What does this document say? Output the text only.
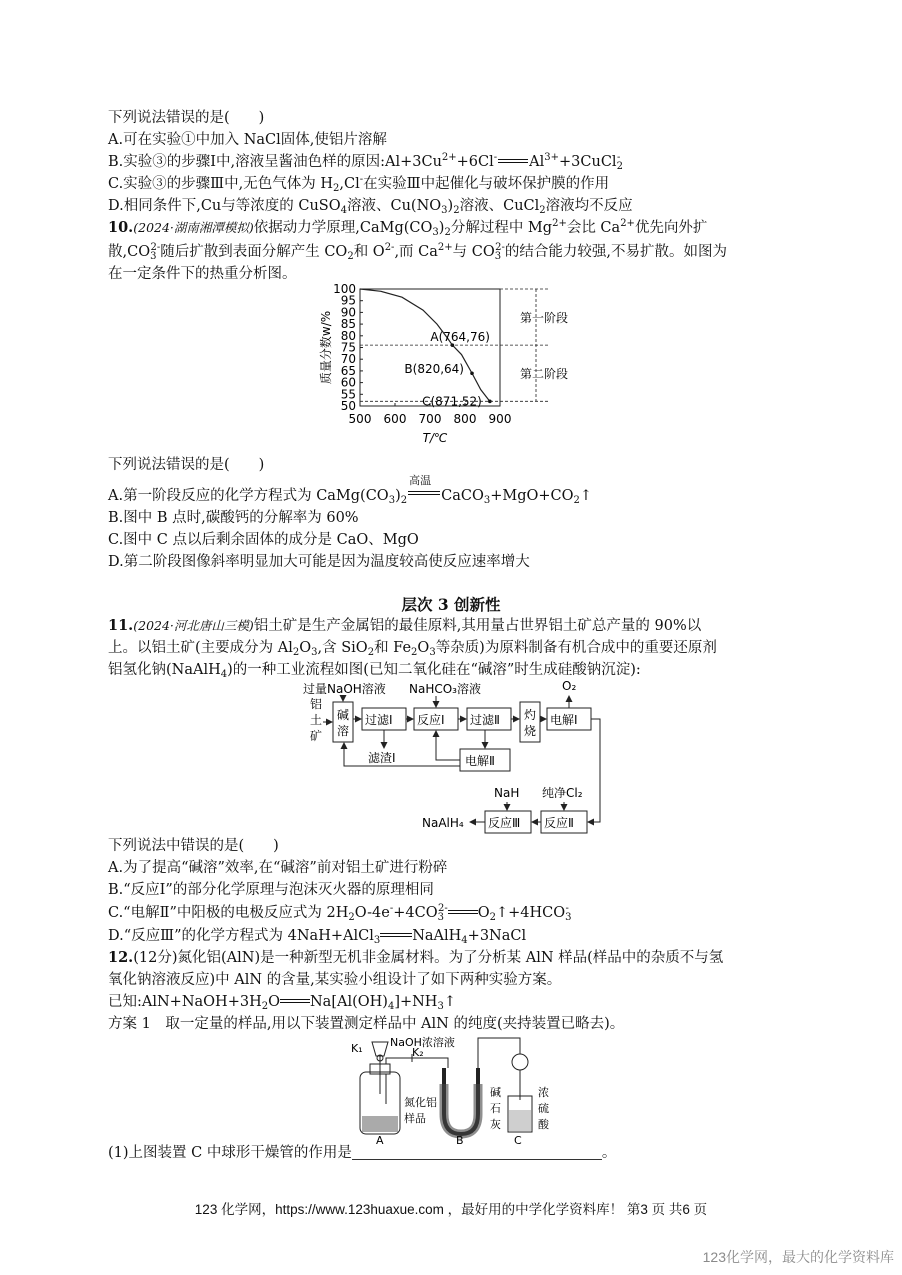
下列说法错误的是(　　)
A.可在实验①中加入 NaCl固体,使铝片溶解
B.实验③的步骤Ⅰ中,溶液呈酱油色样的原因$:Al+3Cu^{2+}+6Cl^-$ $Al^{3+}+3CuCl_2^-$
C.实验③的步骤Ⅲ中,无色气体为 $H_2,Cl^-$在实验Ⅲ中起催化与破坏保护膜的作用
D.相同条件下,Cu与等浓度的 CuSO$_4$溶液、$Cu(NO_3)_2$溶液、CuCl$_2$溶液均不反应
10.(2024·湖南湘潭模拟)依据动力学原理$,CaMg(CO_3)_2$分解过程中 $Mg^{2+}$会比 $Ca^{2+}$优先向外扩
散$,CO_3^{2-}$随后扩散到表面分解产生 $CO_2$和 $O^{2-}$,而 $Ca^{2+}$与 $CO_3^{2-}$的结合能力较强,不易扩散。如图为
在一定条件下的热重分析图。
50
55
60
65
70
75
80
85
90
95
100
500 600 700 800 900
T/℃
质量分数w/%	A(764,76)
B(820,64)
C(871,52)
第一阶段
第二阶段
下列说法错误的是(　　)
A.第一阶段反应的化学方程式为 $CaMg(CO_3)_2$
高温
$CaCO_3+MgO+CO_2↑$
B.图中 B 点时,碳酸钙的分解率为 60%
C.图中 C 点以后剩余固体的成分是 CaO、MgO
D.第二阶段图像斜率明显加大可能是因为温度较高使反应速率增大
层次 3 创新性
11.(2024·河北唐山三模)铝土矿是生产金属铝的最佳原料,其用量占世界铝土矿总产量的 90%以
上。以铝土矿(主要成分为 $Al_2O_3$,含 SiO$_2$和 $Fe_2O_3$等杂质)为原料制备有机合成中的重要还原剂
铝氢化钠(NaAlH$_4$)的一种工业流程如图(已知二氧化硅在“碱溶”时生成硅酸钠沉淀):
过量NaOH溶液 NaHCO₃溶液	O₂
铝
土
矿
碱
溶
过滤Ⅰ 反应Ⅰ 过滤Ⅱ 灼
烧
电解Ⅰ
电解Ⅱ
滤渣Ⅰ
反应Ⅲ 反应Ⅱ
NaH 纯净Cl₂
NaAlH₄
下列说法中错误的是(　　)
A.为了提高“碱溶”效率,在“碱溶”前对铝土矿进行粉碎
B.“反应Ⅰ”的部分化学原理与泡沫灭火器的原理相同
C.“电解Ⅱ”中阳极的电极反应式为 $2H_2O-4e^-+4CO_3^{2-}$ $O_2↑+4HCO_3^-$
D.“反应Ⅲ”的化学方程式为 4NaH+AlCl$_3$ NaAlH$_4$+3NaCl
12.(12分)氮化铝(AlN)是一种新型无机非金属材料。为了分析某 AlN 样品(样品中的杂质不与氢
氧化钠溶液反应)中 AlN 的含量,某实验小组设计了如下两种实验方案。
已知$:AlN+NaOH+3H_2O$ $Na[Al(OH)_4]+NH_3↑$
方案 1　取一定量的样品,用以下装置测定样品中 AlN 的纯度(夹持装置已略去)。
K₁	K₂
NaOH浓溶液
氮化铝
样品
A	B
碱
石
灰
C
浓
硫
酸
(1)上图装置 C 中球形干燥管的作用是	。
123 化学网，https://www.123huaxue.com ，最好用的中学化学资料库！ 第3 页 共6 页
123化学网，最大的化学资料库
